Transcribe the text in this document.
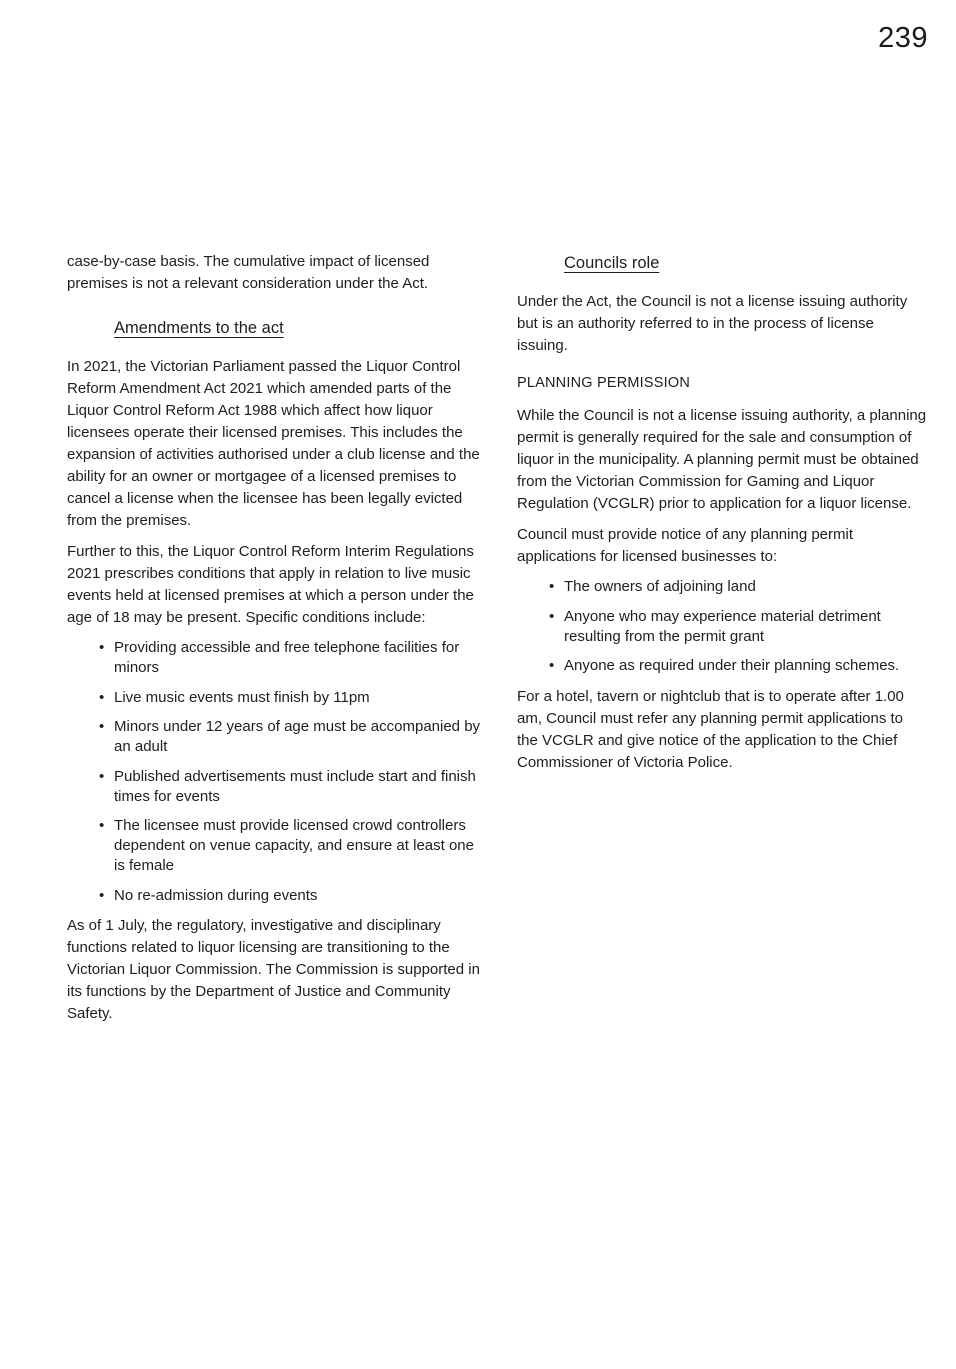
239

case-by-case basis. The cumulative impact of licensed premises is not a relevant consideration under the Act.

Amendments to the act

In 2021, the Victorian Parliament passed the Liquor Control Reform Amendment Act 2021 which amended parts of the Liquor Control Reform Act 1988 which affect how liquor licensees operate their licensed premises. This includes the expansion of activities authorised under a club license and the ability for an owner or mortgagee of a licensed premises to cancel a license when the licensee has been legally evicted from the premises.

Further to this, the Liquor Control Reform Interim Regulations 2021 prescribes conditions that apply in relation to live music events held at licensed premises at which a person under the age of 18 may be present. Specific conditions include:

• Providing accessible and free telephone facilities for minors
• Live music events must finish by 11pm
• Minors under 12 years of age must be accompanied by an adult
• Published advertisements must include start and finish times for events
• The licensee must provide licensed crowd controllers dependent on venue capacity, and ensure at least one is female
• No re-admission during events

As of 1 July, the regulatory, investigative and disciplinary functions related to liquor licensing are transitioning to the Victorian Liquor Commission. The Commission is supported in its functions by the Department of Justice and Community Safety.

Councils role

Under the Act, the Council is not a license issuing authority but is an authority referred to in the process of license issuing.

PLANNING PERMISSION

While the Council is not a license issuing authority, a planning permit is generally required for the sale and consumption of liquor in the municipality. A planning permit must be obtained from the Victorian Commission for Gaming and Liquor Regulation (VCGLR) prior to application for a liquor license.

Council must provide notice of any planning permit applications for licensed businesses to:

• The owners of adjoining land
• Anyone who may experience material detriment resulting from the permit grant
• Anyone as required under their planning schemes.

For a hotel, tavern or nightclub that is to operate after 1.00 am, Council must refer any planning permit applications to the VCGLR and give notice of the application to the Chief Commissioner of Victoria Police.
